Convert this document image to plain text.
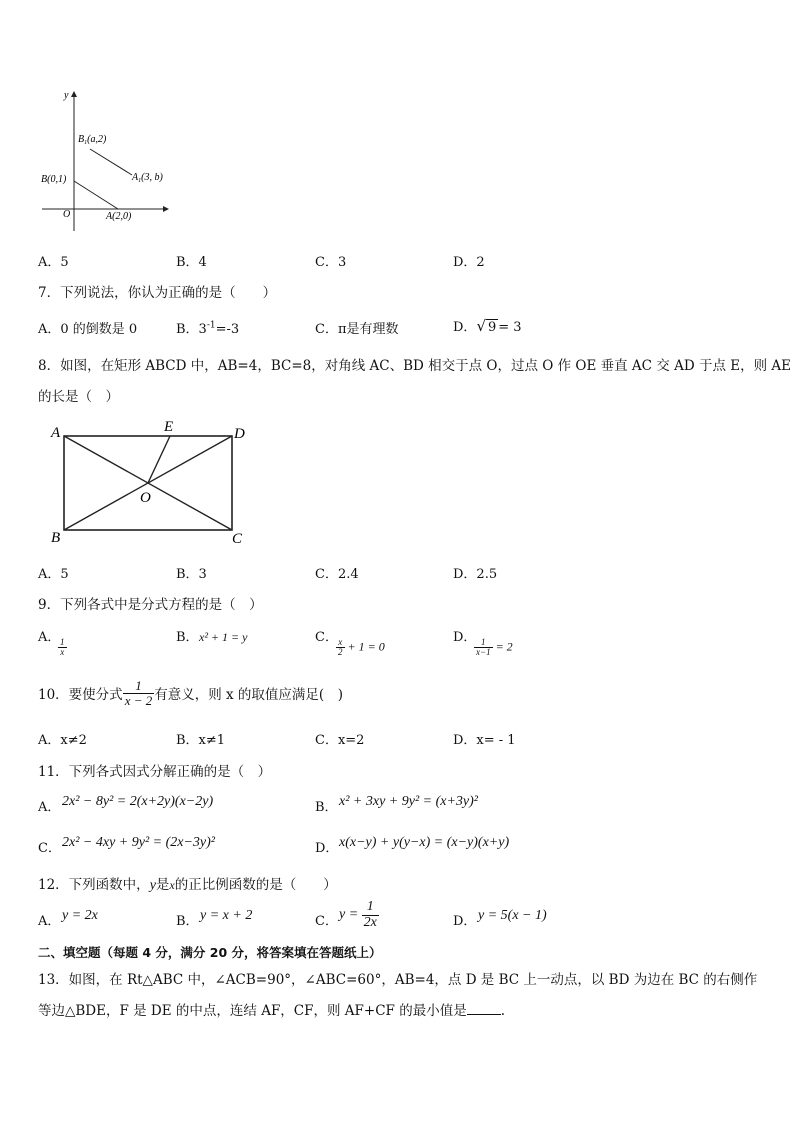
y
O
B(0,1)
A(2,0)
$B_1(a,2)$
$A_1(3$, b)
A．5	B．4	C．3	D．2
7．下列说法，你认为正确的是（　　）
A．0 的倒数是 0	B．$3^{-1}=-3$	C．π是有理数	D．√ 9 = 3
8．如图，在矩形 ABCD 中，AB=4，BC=8，对角线 AC、BD 相交于点 O，过点 O 作 OE 垂直 AC 交 AD 于点 E，则 AE
的长是（　）
A	D
B	C
E
O
A．5	B．3	C．2.4	D．2.5
9．下列各式中是分式方程的是（　）
A．
$\frac{1}{x}$
B． x² + 1 = y	C．
$\frac{x}{2} + 1 = 0$
D．
$\frac{1}{x-1} = 2$
10．要使分式 $\frac{1}{x - 2}$ 有意义，则 x 的取值应满足(　)
A．x≠2	B．x≠1	C．x=2	D．x= - 1
11．下列各式因式分解正确的是（　）
A． 2x² − 8y² = 2(x+2y)(x−2y)	B． x² + 3xy + 9y² = (x+3y)²
C． 2x² − 4xy + 9y² = (2x−3y)²	D． x(x−y) + y(y−x) = (x−y)(x+y)
12．下列函数中，y是x的正比例函数的是（　　）
A． y = 2x	B． y = x + 2	C． $y = \frac{1}{2x}$	D． y = 5(x − 1)
二、填空题（每题 4 分，满分 20 分，将答案填在答题纸上）
13．如图，在 Rt△ABC 中，∠ACB=90°，∠ABC=60°，AB=4，点 D 是 BC 上一动点，以 BD 为边在 BC 的右侧作
等边△BDE，F 是 DE 的中点，连结 AF，CF，则 AF+CF 的最小值是	.
